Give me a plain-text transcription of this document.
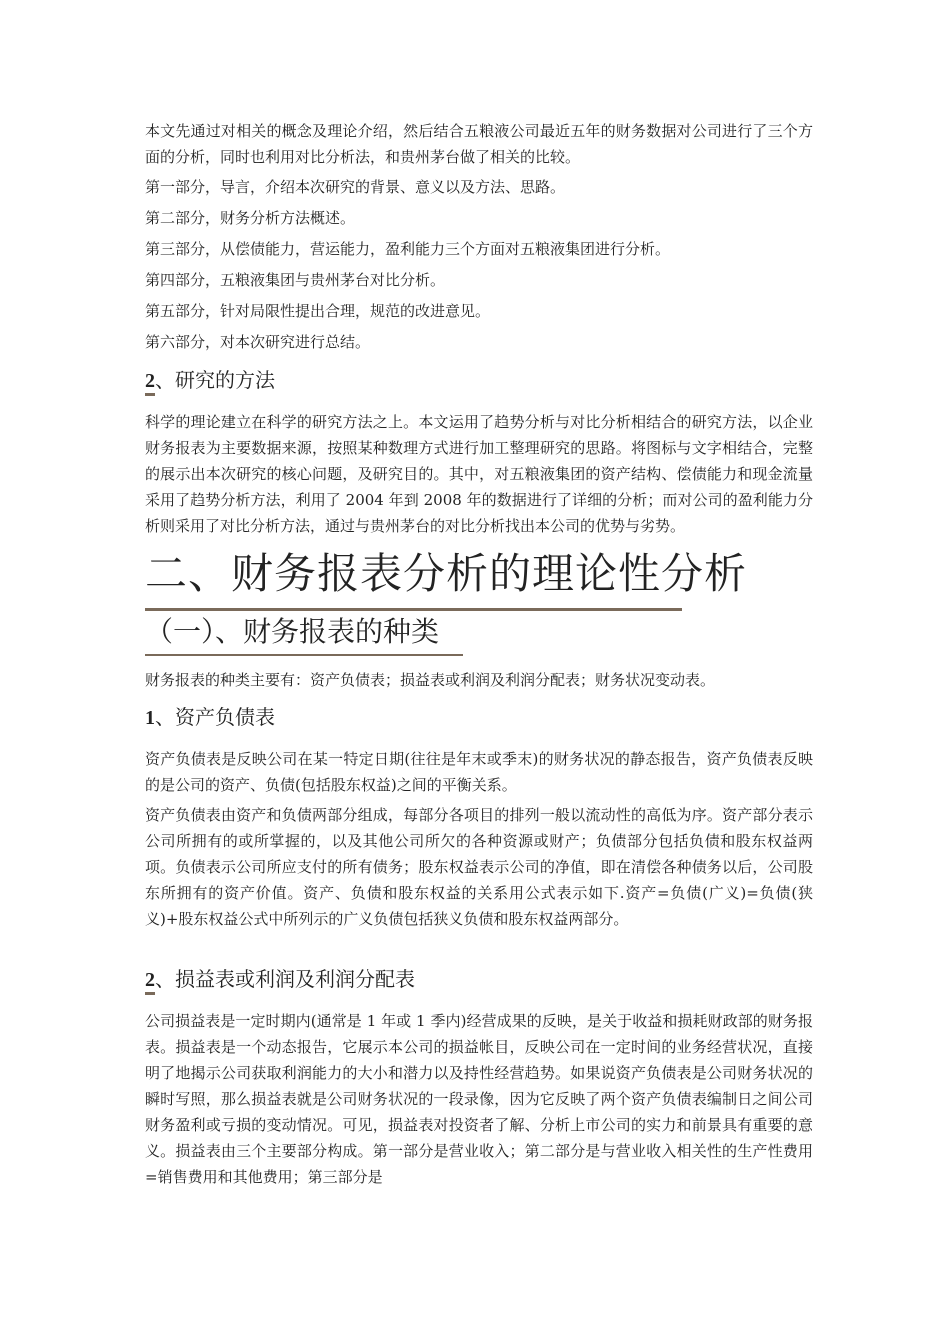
本文先通过对相关的概念及理论介绍，然后结合五粮液公司最近五年的财务数据对公司进行了三个方面的分析，同时也利用对比分析法，和贵州茅台做了相关的比较。

第一部分，导言，介绍本次研究的背景、意义以及方法、思路。

第二部分，财务分析方法概述。

第三部分，从偿债能力，营运能力，盈利能力三个方面对五粮液集团进行分析。

第四部分，五粮液集团与贵州茅台对比分析。

第五部分，针对局限性提出合理，规范的改进意见。

第六部分，对本次研究进行总结。

2、研究的方法

科学的理论建立在科学的研究方法之上。本文运用了趋势分析与对比分析相结合的研究方法，以企业财务报表为主要数据来源，按照某种数理方式进行加工整理研究的思路。将图标与文字相结合，完整的展示出本次研究的核心问题，及研究目的。其中，对五粮液集团的资产结构、偿债能力和现金流量采用了趋势分析方法，利用了 2004 年到 2008 年的数据进行了详细的分析；而对公司的盈利能力分析则采用了对比分析方法，通过与贵州茅台的对比分析找出本公司的优势与劣势。

二、财务报表分析的理论性分析
（一）、财务报表的种类

财务报表的种类主要有：资产负债表；损益表或利润及利润分配表；财务状况变动表。

1、资产负债表

资产负债表是反映公司在某一特定日期(往往是年末或季末)的财务状况的静态报告，资产负债表反映的是公司的资产、负债(包括股东权益)之间的平衡关系。

资产负债表由资产和负债两部分组成，每部分各项目的排列一般以流动性的高低为序。资产部分表示公司所拥有的或所掌握的，以及其他公司所欠的各种资源或财产；负债部分包括负债和股东权益两项。负债表示公司所应支付的所有债务；股东权益表示公司的净值，即在清偿各种债务以后，公司股东所拥有的资产价值。资产、负债和股东权益的关系用公式表示如下.资产=负债(广义)=负债(狭义)+股东权益公式中所列示的广义负债包括狭义负债和股东权益两部分。

2、损益表或利润及利润分配表

公司损益表是一定时期内(通常是 1 年或 1 季内)经营成果的反映，是关于收益和损耗财政部的财务报表。损益表是一个动态报告，它展示本公司的损益帐目，反映公司在一定时间的业务经营状况，直接明了地揭示公司获取利润能力的大小和潜力以及持性经营趋势。如果说资产负债表是公司财务状况的瞬时写照，那么损益表就是公司财务状况的一段录像，因为它反映了两个资产负债表编制日之间公司财务盈利或亏损的变动情况。可见，损益表对投资者了解、分析上市公司的实力和前景具有重要的意义。损益表由三个主要部分构成。第一部分是营业收入；第二部分是与营业收入相关性的生产性费用=销售费用和其他费用；第三部分是
